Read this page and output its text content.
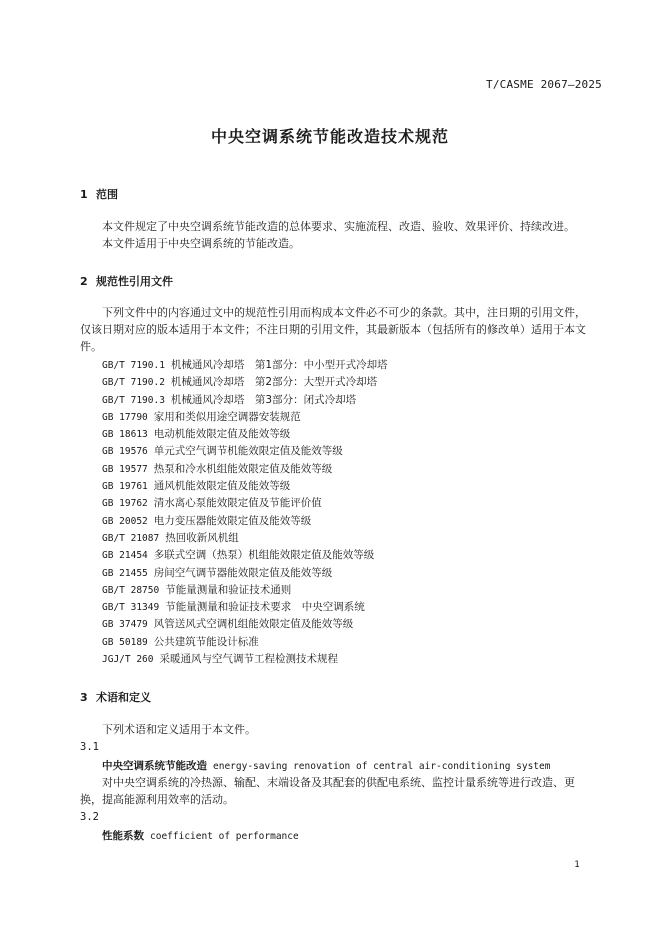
T/CASME 2067—2025
中央空调系统节能改造技术规范
1 范围
本文件规定了中央空调系统节能改造的总体要求、实施流程、改造、验收、效果评价、持续改进。
本文件适用于中央空调系统的节能改造。
2 规范性引用文件
下列文件中的内容通过文中的规范性引用而构成本文件必不可少的条款。其中，注日期的引用文件，
仅该日期对应的版本适用于本文件；不注日期的引用文件，其最新版本（包括所有的修改单）适用于本文件。
GB/T 7190.1 机械通风冷却塔　第1部分：中小型开式冷却塔
GB/T 7190.2 机械通风冷却塔　第2部分：大型开式冷却塔
GB/T 7190.3 机械通风冷却塔　第3部分：闭式冷却塔
GB 17790 家用和类似用途空调器安装规范
GB 18613 电动机能效限定值及能效等级
GB 19576 单元式空气调节机能效限定值及能效等级
GB 19577 热泵和冷水机组能效限定值及能效等级
GB 19761 通风机能效限定值及能效等级
GB 19762 清水离心泵能效限定值及节能评价值
GB 20052 电力变压器能效限定值及能效等级
GB/T 21087 热回收新风机组
GB 21454 多联式空调（热泵）机组能效限定值及能效等级
GB 21455 房间空气调节器能效限定值及能效等级
GB/T 28750 节能量测量和验证技术通则
GB/T 31349 节能量测量和验证技术要求　中央空调系统
GB 37479 风管送风式空调机组能效限定值及能效等级
GB 50189 公共建筑节能设计标准
JGJ/T 260 采暖通风与空气调节工程检测技术规程
3 术语和定义
下列术语和定义适用于本文件。
3.1
中央空调系统节能改造 energy-saving renovation of central air-conditioning system
对中央空调系统的冷热源、输配、末端设备及其配套的供配电系统、监控计量系统等进行改造、更
换，提高能源利用效率的活动。
3.2
性能系数 coefficient of performance
1
